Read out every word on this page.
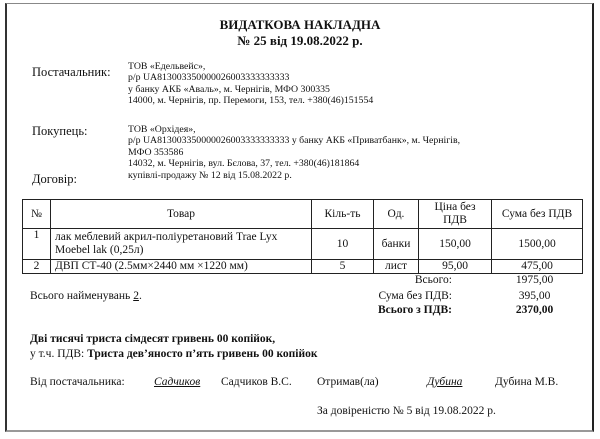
ВИДАТКОВА НАКЛАДНА
№ 25 від 19.08.2022 р.
Постачальник: ТОВ «Едельвейс»,
р/р UA813003350000026003333333333
у банку АКБ «Аваль», м. Чернігів, МФО 300335
14000, м. Чернігів, пр. Перемоги, 153, тел. +380(46)151554
Покупець:	ТОВ «Орхідея»,
р/р UA813003350000026003333333333 у банку АКБ «Приватбанк», м. Чернігів,
МФО 353586
14032, м. Чернігів, вул. Бєлова, 37, тел. +380(46)181864
Договір:	купівлі-продажу № 12 від 15.08.2022 р.
№	Товар	Кіль-ть	Од.	Ціна без ПДВ	Сума без ПДВ
1	лак меблевий акрил-поліуретановий Trae Lyx Moebel lak (0,25л)	10	банки	150,00	1500,00
2	ДВП СТ-40 (2.5мм×2440 мм ×1220 мм)	5	лист	95,00	475,00
Всього:	1975,00
Сума без ПДВ:	395,00
Всього з ПДВ:	2370,00
Всього найменувань 2.
Дві тисячі триста сімдесят гривень 00 копійок,
у т.ч. ПДВ: Триста дев’яносто п’ять гривень 00 копійок
Від постачальника:	Садчиков Садчиков В.С. Отримав(ла)	Дубина	Дубина М.В.
За довіреністю № 5 від 19.08.2022 р.
